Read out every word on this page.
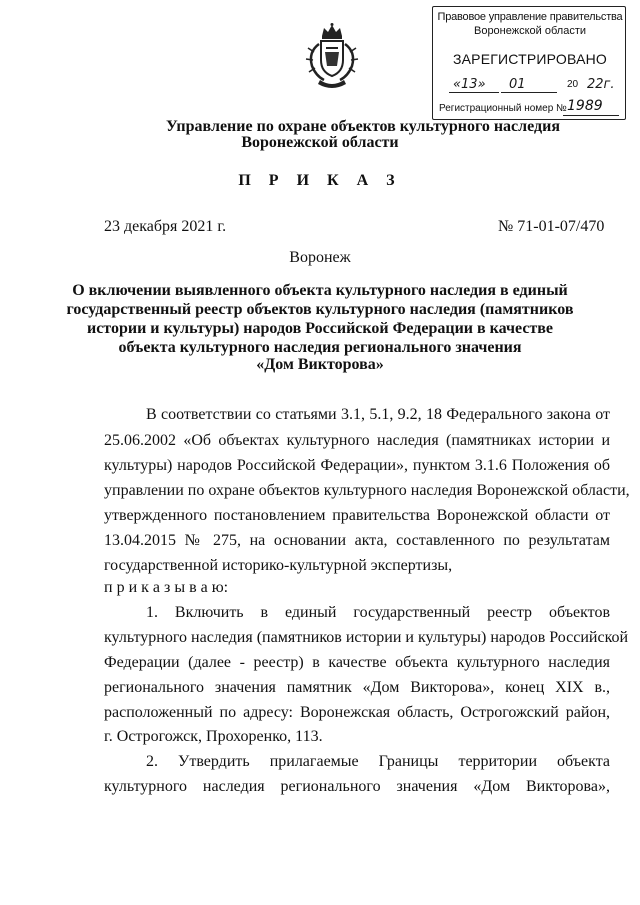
Правовое управление правительства
Воронежской области
ЗАРЕГИСТРИРОВАНО
«13» 01	20 22г.
Регистрационный номер № 1989
Управление по охране объектов культурного наследия
Воронежской области
П Р И К А З
23 декабря 2021 г.	№ 71-01-07/470
Воронеж
О включении выявленного объекта культурного наследия в единый
государственный реестр объектов культурного наследия (памятников
истории и культуры) народов Российской Федерации в качестве
объекта культурного наследия регионального значения
«Дом Викторова»
В соответствии со статьями 3.1, 5.1, 9.2, 18 Федерального закона от
25.06.2002 «Об объектах культурного наследия (памятниках истории и
культуры) народов Российской Федерации», пунктом 3.1.6 Положения об
управлении по охране объектов культурного наследия Воронежской области,
утвержденного постановлением правительства Воронежской области от
13.04.2015 № 275, на основании акта, составленного по результатам
государственной историко-культурной экспертизы,
п р и к а з ы в а ю:
1. Включить в единый государственный реестр объектов
культурного наследия (памятников истории и культуры) народов Российской
Федерации (далее - реестр) в качестве объекта культурного наследия
регионального значения памятник «Дом Викторова», конец XIX в.,
расположенный по адресу: Воронежская область, Острогожский район,
г. Острогожск, Прохоренко, 113.
2. Утвердить прилагаемые Границы территории объекта
культурного наследия регионального значения «Дом Викторова»,
